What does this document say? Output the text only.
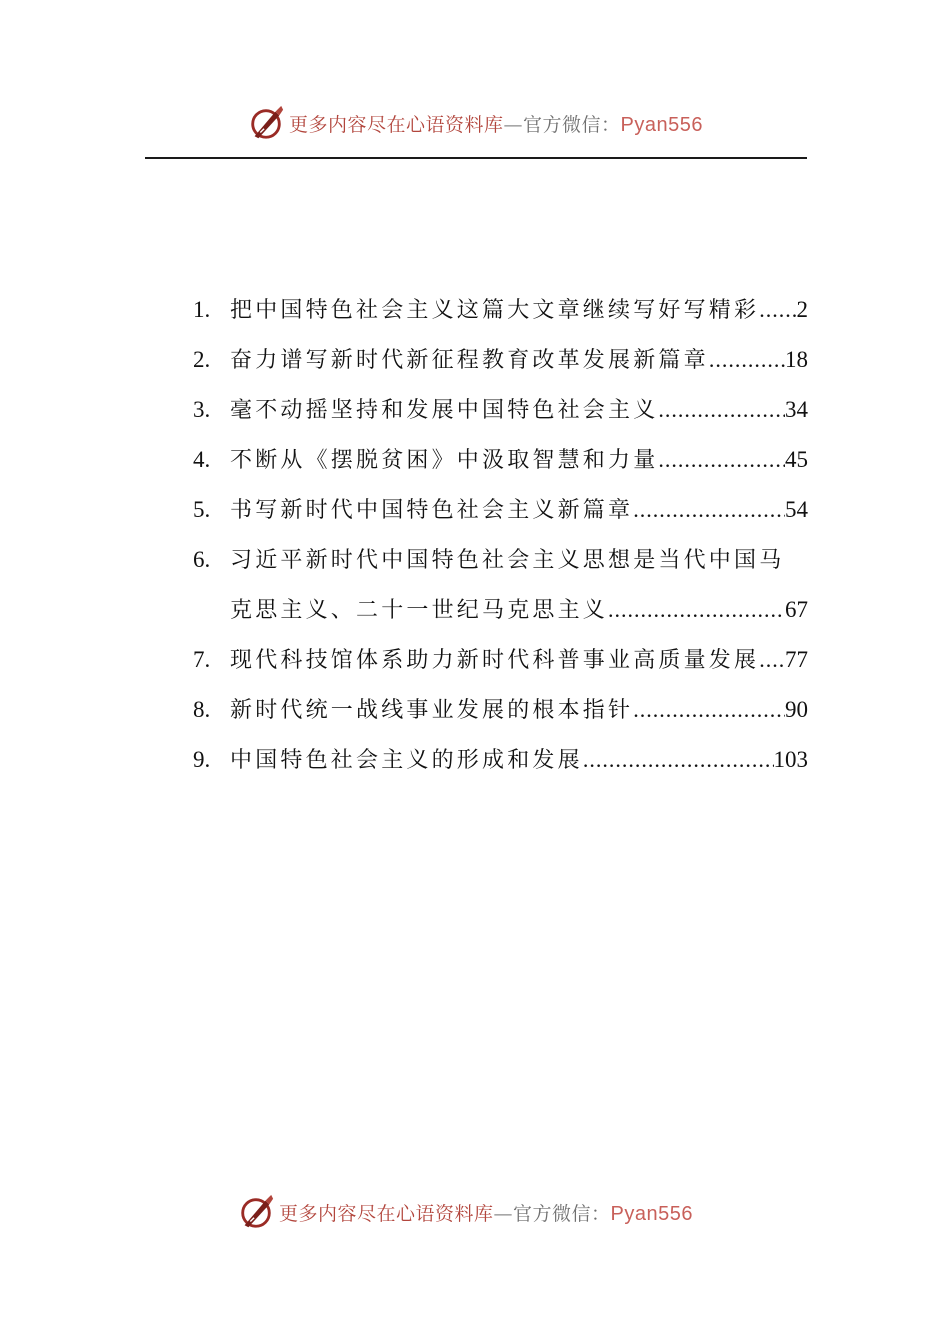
更多内容尽在心语资料库—官方微信：Pyan556
1. 把中国特色社会主义这篇大文章继续写好写精彩 ..... 2
2. 奋力谱写新时代新征程教育改革发展新篇章 .....	18
3. 毫不动摇坚持和发展中国特色社会主义 .....	34
4. 不断从《摆脱贫困》中汲取智慧和力量 .....	45
5. 书写新时代中国特色社会主义新篇章 .....	54
6. 习近平新时代中国特色社会主义思想是当代中国马
克思主义、二十一世纪马克思主义 .....	67
7. 现代科技馆体系助力新时代科普事业高质量发展 ..... 77
8. 新时代统一战线事业发展的根本指针 .....	90
9. 中国特色社会主义的形成和发展 .....	103
更多内容尽在心语资料库—官方微信：Pyan556
